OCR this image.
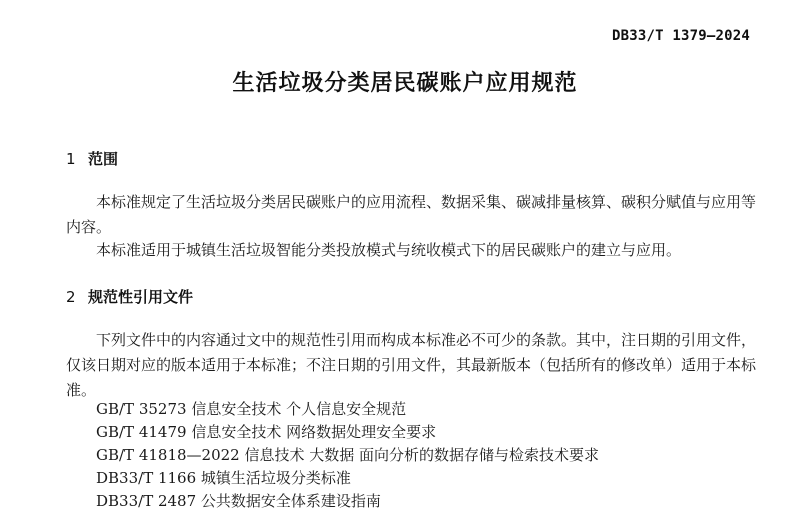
DB33/T 1379—2024
生活垃圾分类居民碳账户应用规范
1 范围

本标准规定了生活垃圾分类居民碳账户的应用流程、数据采集、碳减排量核算、碳积分赋值与应用等内容。

本标准适用于城镇生活垃圾智能分类投放模式与统收模式下的居民碳账户的建立与应用。

2 规范性引用文件

下列文件中的内容通过文中的规范性引用而构成本标准必不可少的条款。其中，注日期的引用文件，仅该日期对应的版本适用于本标准；不注日期的引用文件，其最新版本（包括所有的修改单）适用于本标准。

GB/T 35273 信息安全技术 个人信息安全规范
GB/T 41479 信息安全技术 网络数据处理安全要求
GB/T 41818—2022 信息技术 大数据 面向分析的数据存储与检索技术要求
DB33/T 1166 城镇生活垃圾分类标准
DB33/T 2487 公共数据安全体系建设指南
